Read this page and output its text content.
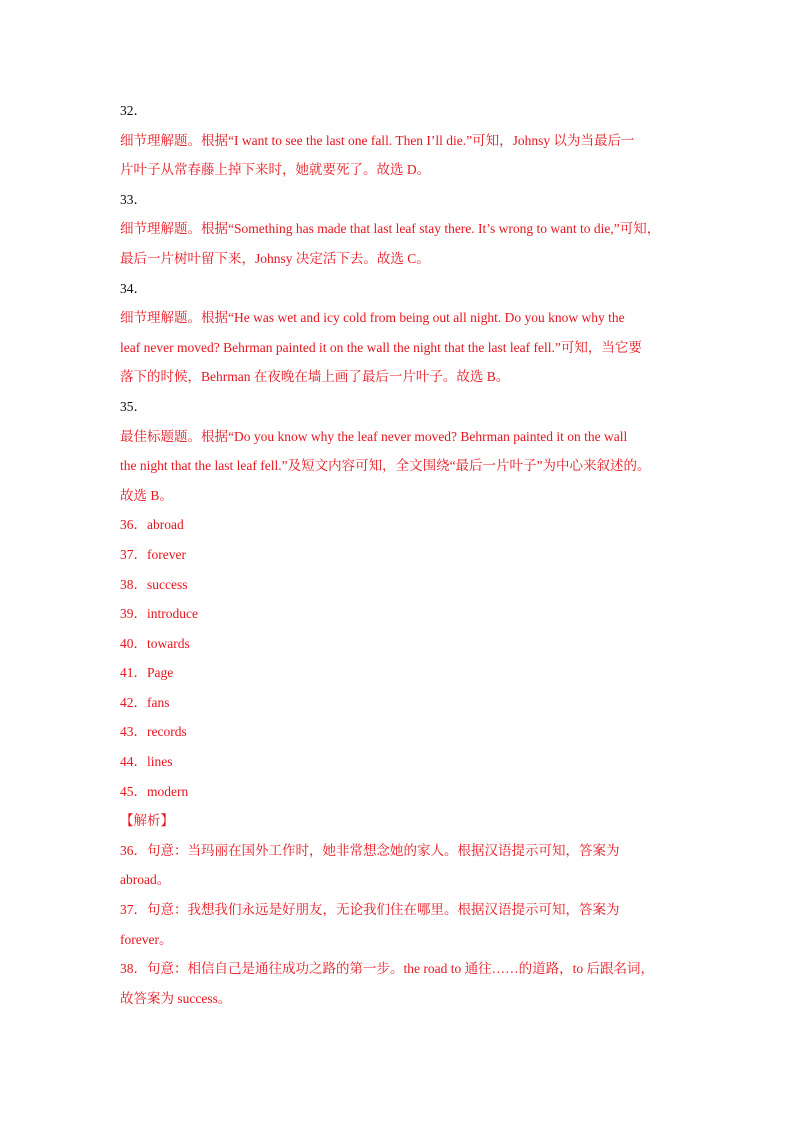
32．
细节理解题。根据“I want to see the last one fall. Then I’ll die.”可知，Johnsy 以为当最后一
片叶子从常春藤上掉下来时，她就要死了。故选 D。
33．
细节理解题。根据“Something has made that last leaf stay there. It’s wrong to want to die,”可知，
最后一片树叶留下来，Johnsy 决定活下去。故选 C。
34．
细节理解题。根据“He was wet and icy cold from being out all night. Do you know why the
leaf never moved? Behrman painted it on the wall the night that the last leaf fell.”可知，当它要
落下的时候，Behrman 在夜晚在墙上画了最后一片叶子。故选 B。
35．
最佳标题题。根据“Do you know why the leaf never moved? Behrman painted it on the wall
the night that the last leaf fell.”及短文内容可知，全文围绕“最后一片叶子”为中心来叙述的。
故选 B。
36．abroad
37．forever
38．success
39．introduce
40．towards
41．Page
42．fans
43．records
44．lines
45．modern
【解析】
36．句意：当玛丽在国外工作时，她非常想念她的家人。根据汉语提示可知，答案为
abroad。
37．句意：我想我们永远是好朋友，无论我们住在哪里。根据汉语提示可知，答案为
forever。
38．句意：相信自己是通往成功之路的第一步。the road to 通往……的道路，to 后跟名词，
故答案为 success。
